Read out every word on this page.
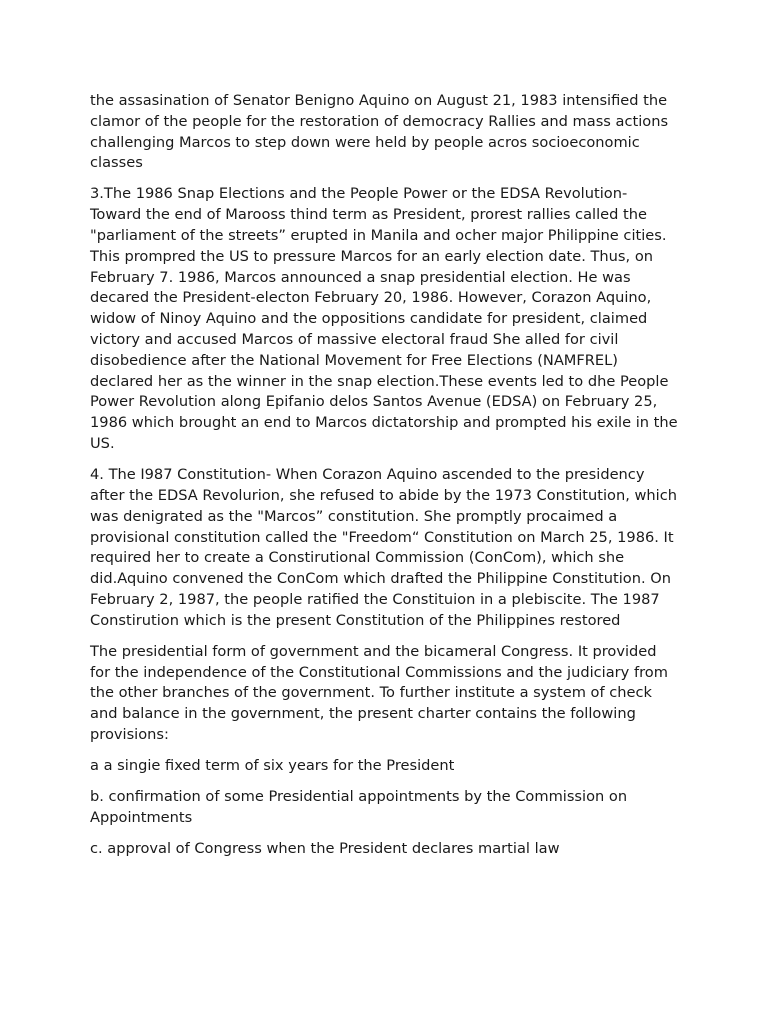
the assasination of Senator Benigno Aquino on August 21, 1983 intensified the clamor of the people for the restoration of democracy Rallies and mass actions challenging Marcos to step down were held by people acros socioeconomic classes

3.The 1986 Snap Elections and the People Power or the EDSA Revolution- Toward the end of Marooss thind term as President, prorest rallies called the "parliament of the streets” erupted in Manila and ocher major Philippine cities. This prompred the US to pressure Marcos for an early election date. Thus, on February 7. 1986, Marcos announced a snap presidential election. He was decared the President-electon February 20, 1986. However, Corazon Aquino, widow of Ninoy Aquino and the oppositions candidate for president, claimed victory and accused Marcos of massive electoral fraud She alled for civil disobedience after the National Movement for Free Elections (NAMFREL) declared her as the winner in the snap election.These events led to dhe People Power Revolution along Epifanio delos Santos Avenue (EDSA) on February 25, 1986 which brought an end to Marcos dictatorship and prompted his exile in the US.

4. The I987 Constitution- When Corazon Aquino ascended to the presidency after the EDSA Revolurion, she refused to abide by the 1973 Constitution, which was denigrated as the "Marcos” constitution. She promptly procaimed a provisional constitution called the "Freedom“ Constitution on March 25, 1986. It required her to create a Constirutional Commission (ConCom), which she did.Aquino convened the ConCom which drafted the Philippine Constitution. On February 2, 1987, the people ratified the Constituion in a plebiscite. The 1987 Constirution which is the present Constitution of the Philippines restored

The presidential form of government and the bicameral Congress. It provided for the independence of the Constitutional Commissions and the judiciary from the other branches of the government. To further institute a system of check and balance in the government, the present charter contains the following provisions:

a a singie fixed term of six years for the President

b. confirmation of some Presidential appointments by the Commission on Appointments

c. approval of Congress when the President declares martial law
